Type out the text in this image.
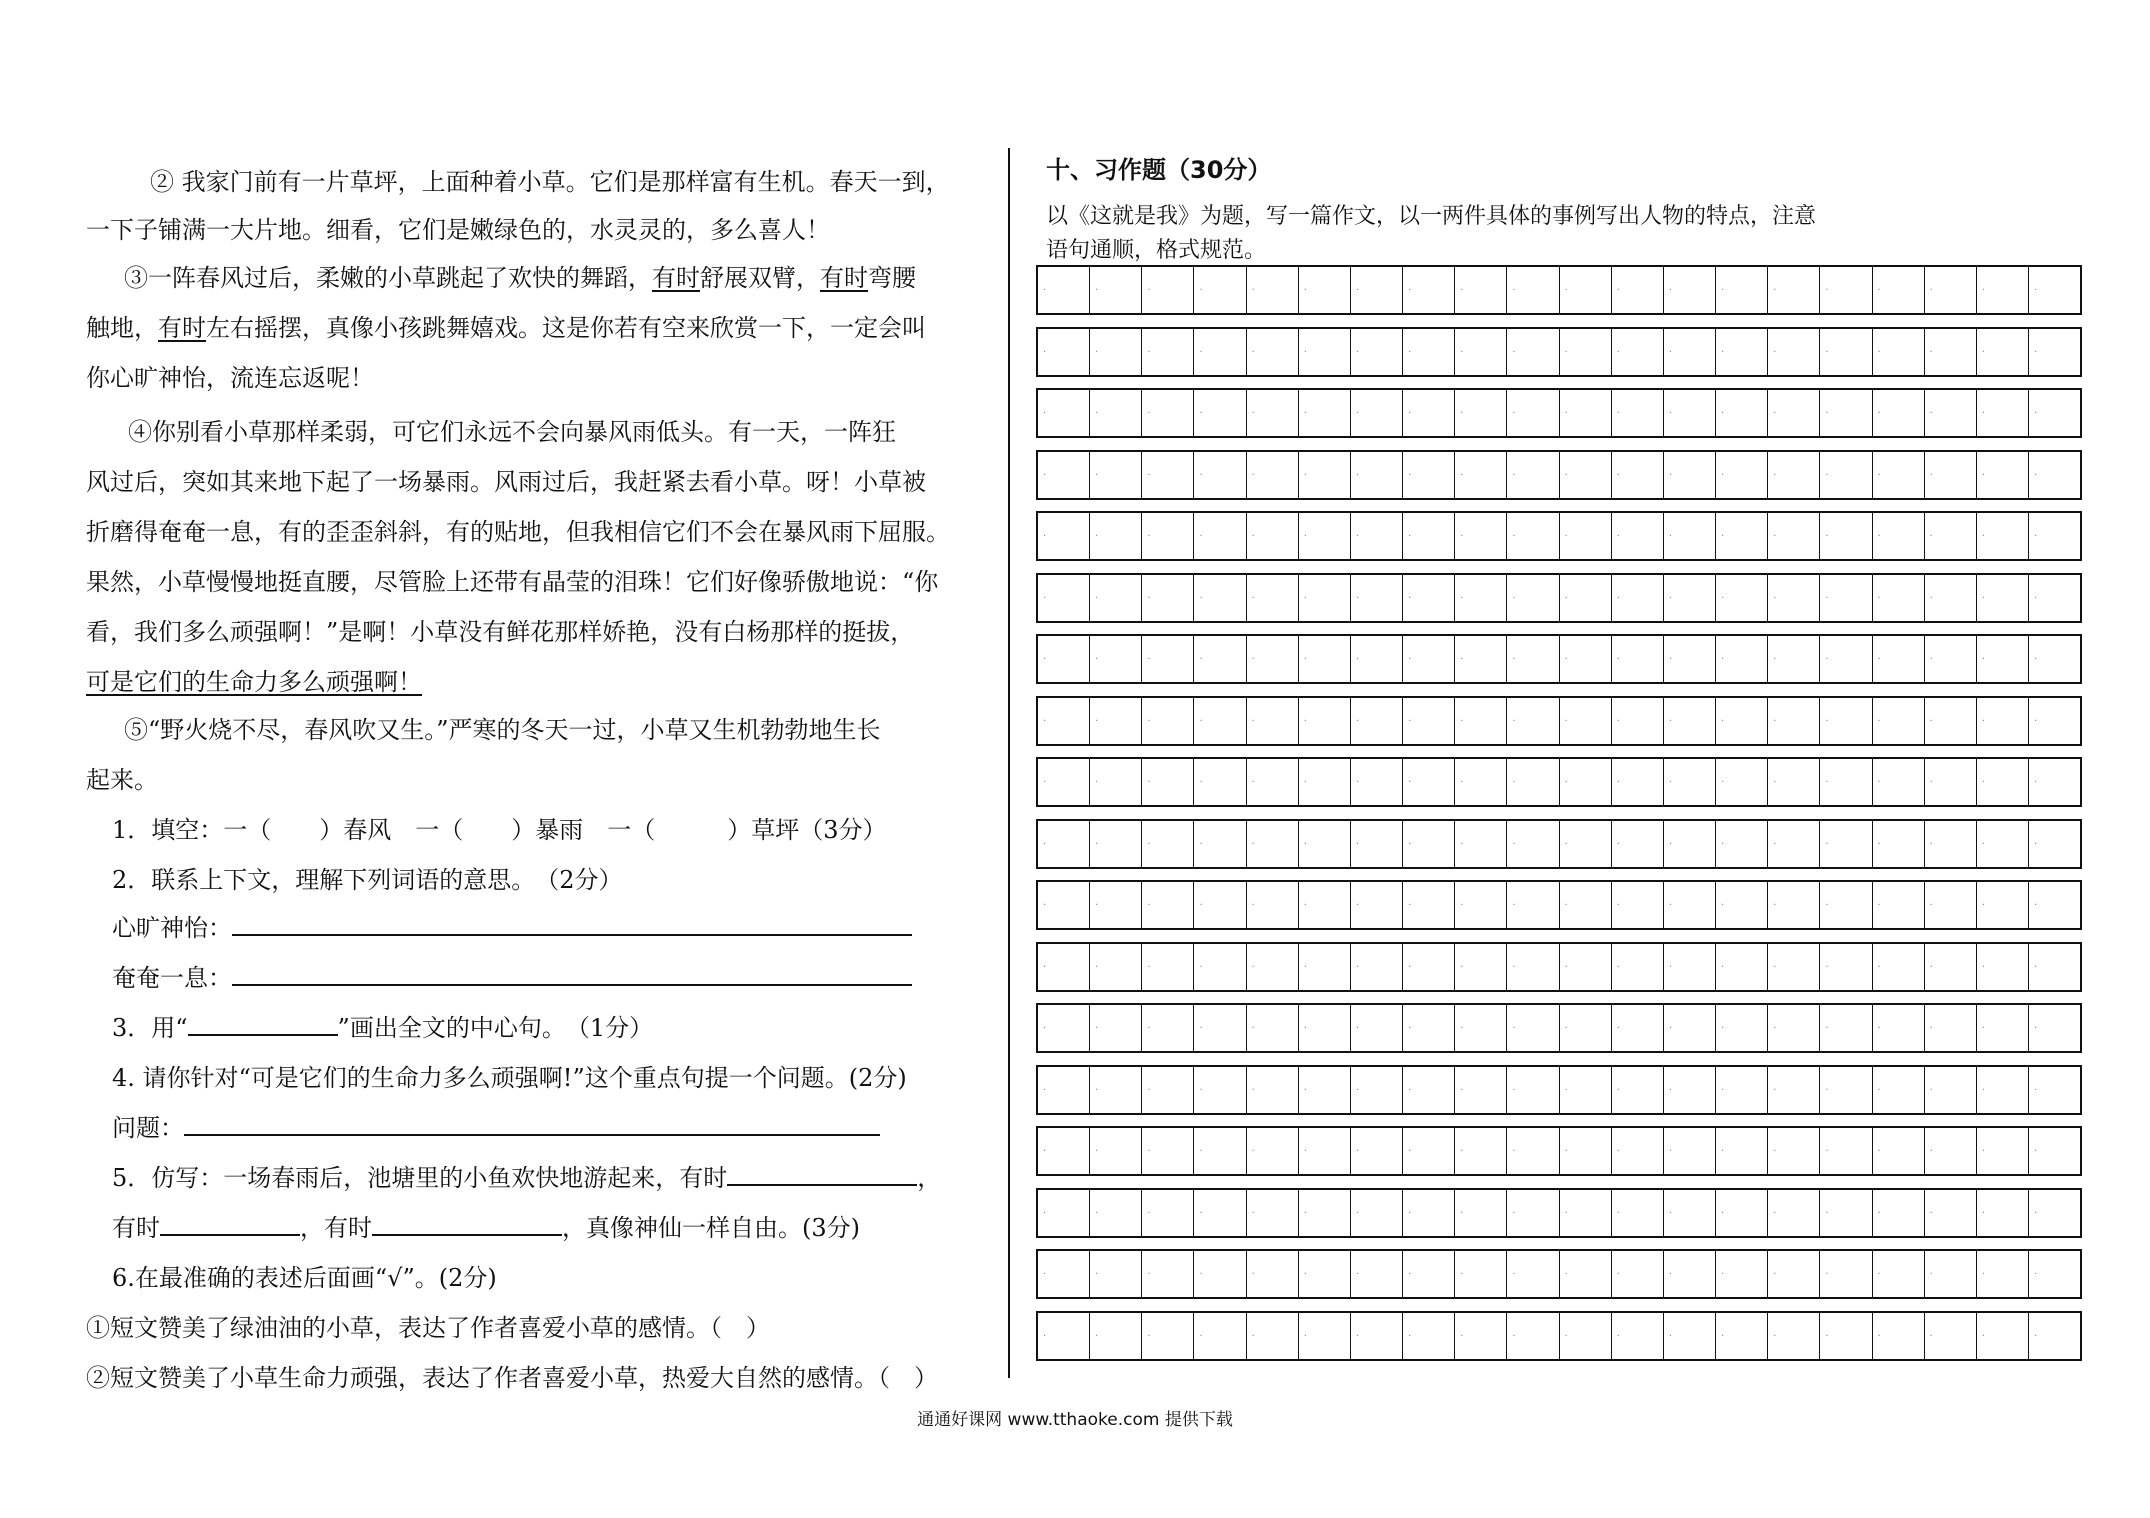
② 我家门前有一片草坪，上面种着小草。它们是那样富有生机。春天一到，
一下子铺满一大片地。细看，它们是嫩绿色的，水灵灵的，多么喜人！
③一阵春风过后，柔嫩的小草跳起了欢快的舞蹈，有时舒展双臂，有时弯腰
触地，有时左右摇摆，真像小孩跳舞嬉戏。这是你若有空来欣赏一下，一定会叫
你心旷神怡，流连忘返呢！
④你别看小草那样柔弱，可它们永远不会向暴风雨低头。有一天，一阵狂
风过后，突如其来地下起了一场暴雨。风雨过后，我赶紧去看小草。呀！小草被
折磨得奄奄一息，有的歪歪斜斜，有的贴地，但我相信它们不会在暴风雨下屈服。
果然，小草慢慢地挺直腰，尽管脸上还带有晶莹的泪珠！它们好像骄傲地说：“你
看，我们多么顽强啊！”是啊！小草没有鲜花那样娇艳，没有白杨那样的挺拔，
可是它们的生命力多么顽强啊！
⑤“野火烧不尽，春风吹又生。”严寒的冬天一过，小草又生机勃勃地生长
起来。
1．填空：一（　　）春风　一（　　）暴雨　一（　　　）草坪（3分）
2．联系上下文，理解下列词语的意思。　（2分）
心旷神怡：
奄奄一息：
3．用“	”画出全文的中心句。　（1分）
4. 请你针对“可是它们的生命力多么顽强啊!”这个重点句提一个问题。(2分)
问题：
5．仿写：一场春雨后，池塘里的小鱼欢快地游起来，有时	，
有时	，有时	，真像神仙一样自由。(3分)
6.在最准确的表述后面画“√”。(2分)
①短文赞美了绿油油的小草，表达了作者喜爱小草的感情。（　）
②短文赞美了小草生命力顽强，表达了作者喜爱小草，热爱大自然的感情。（　）
十、习作题（30分）
以《这就是我》为题，写一篇作文，以一两件具体的事例写出人物的特点，注意
语句通顺，格式规范。
·
·
·
·
·
·
·
·
·
·
·
·
·
·
·
·
·
·
·
·
·
·
·
·
·
·
·
·
·
·
·
·
·
·
·
·
·
·
·
·
·
·
·
·
·
·
·
·
·
·
·
·
·
·
·
·
·
·
·
·
·
·
·
·
·
·
·
·
·
·
·
·
·
·
·
·
·
·
·
·
·
·
·
·
·
·
·
·
·
·
·
·
·
·
·
·
·
·
·
·
·
·
·
·
·
·
·
·
·
·
·
·
·
·
·
·
·
·
·
·
·
·
·
·
·
·
·
·
·
·
·
·
·
·
·
·
·
·
·
·
·
·
·
·
·
·
·
·
·
·
·
·
·
·
·
·
·
·
·
·
·
·
·
·
·
·
·
·
·
·
·
·
·
·
·
·
·
·
·
·
·
·
·
·
·
·
·
·
·
·
·
·
·
·
·
·
·
·
·
·
·
·
·
·
·
·
·
·
·
·
·
·
·
·
·
·
·
·
·
·
·
·
·
·
·
·
·
·
·
·
·
·
·
·
·
·
·
·
·
·
·
·
·
·
·
·
·
·
·
·
·
·
·
·
·
·
·
·
·
·
·
·
·
·
·
·
·
·
·
·
·
·
·
·
·
·
·
·
·
·
·
·
·
·
·
·
·
·
·
·
·
·
·
·
·
·
·
·
·
·
·
·
·
·
·
·
·
·
·
·
·
·
·
·
·
·
·
·
·
·
·
·
·
·
·
·
·
·
·
·
·
·
·
·
·
·
·
·
·
·
·
·
·
·
·
·
·
·
·
·
·
·
·
·
·
·
·
·
·
·
通通好课网 www.tthaoke.com 提供下载
